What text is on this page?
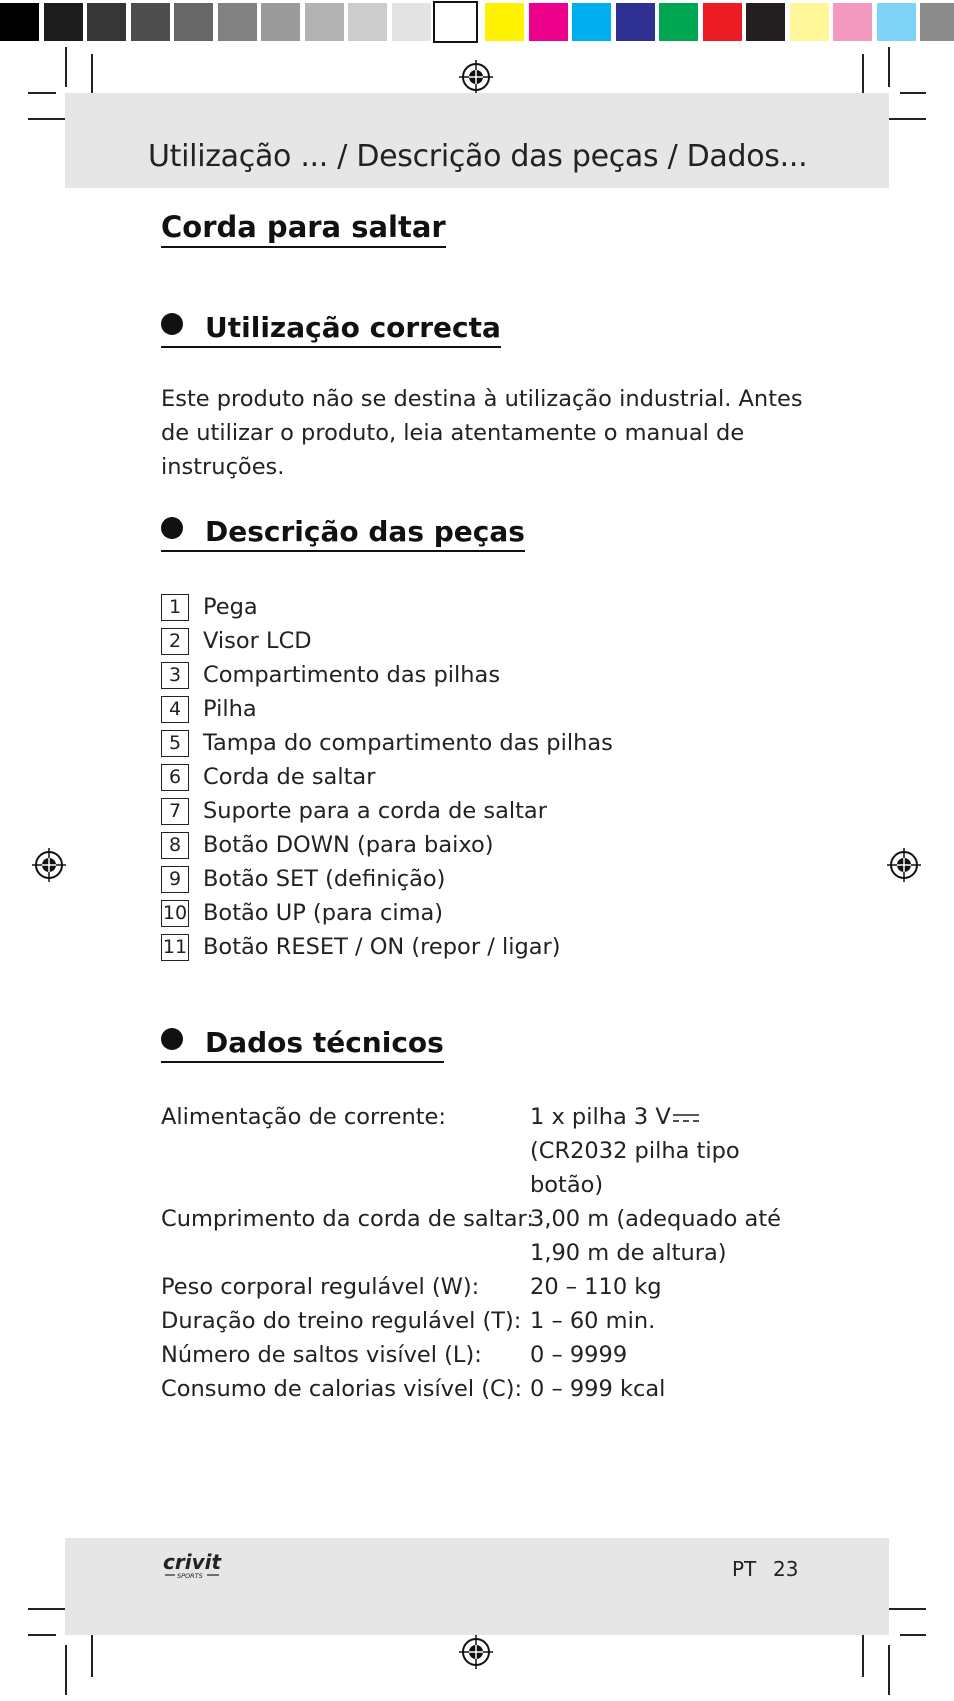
Utilização ... / Descrição das peças / Dados...
Corda para saltar
Utilização correcta
Este produto não se destina à utilização industrial. Antes de utilizar o produto, leia atentamente o manual de instruções.
Descrição das peças
1 Pega
2 Visor LCD
3 Compartimento das pilhas
4 Pilha
5 Tampa do compartimento das pilhas
6 Corda de saltar
7 Suporte para a corda de saltar
8 Botão DOWN (para baixo)
9 Botão SET (definição)
10 Botão UP (para cima)
11 Botão RESET / ON (repor / ligar)
Dados técnicos
Alimentação de corrente:	1 x pilha 3 V
(CR2032 pilha tipo botão)
Cumprimento da corda de saltar:
3,00 m (adequado até 1,90 m de altura)
Peso corporal regulável (W):	20 – 110 kg
Duração do treino regulável (T): 1 – 60 min.
Número de saltos visível (L):	0 – 9999
Consumo de calorias visível (C): 0 – 999 kcal
crivit
SPORTS	PT 23
